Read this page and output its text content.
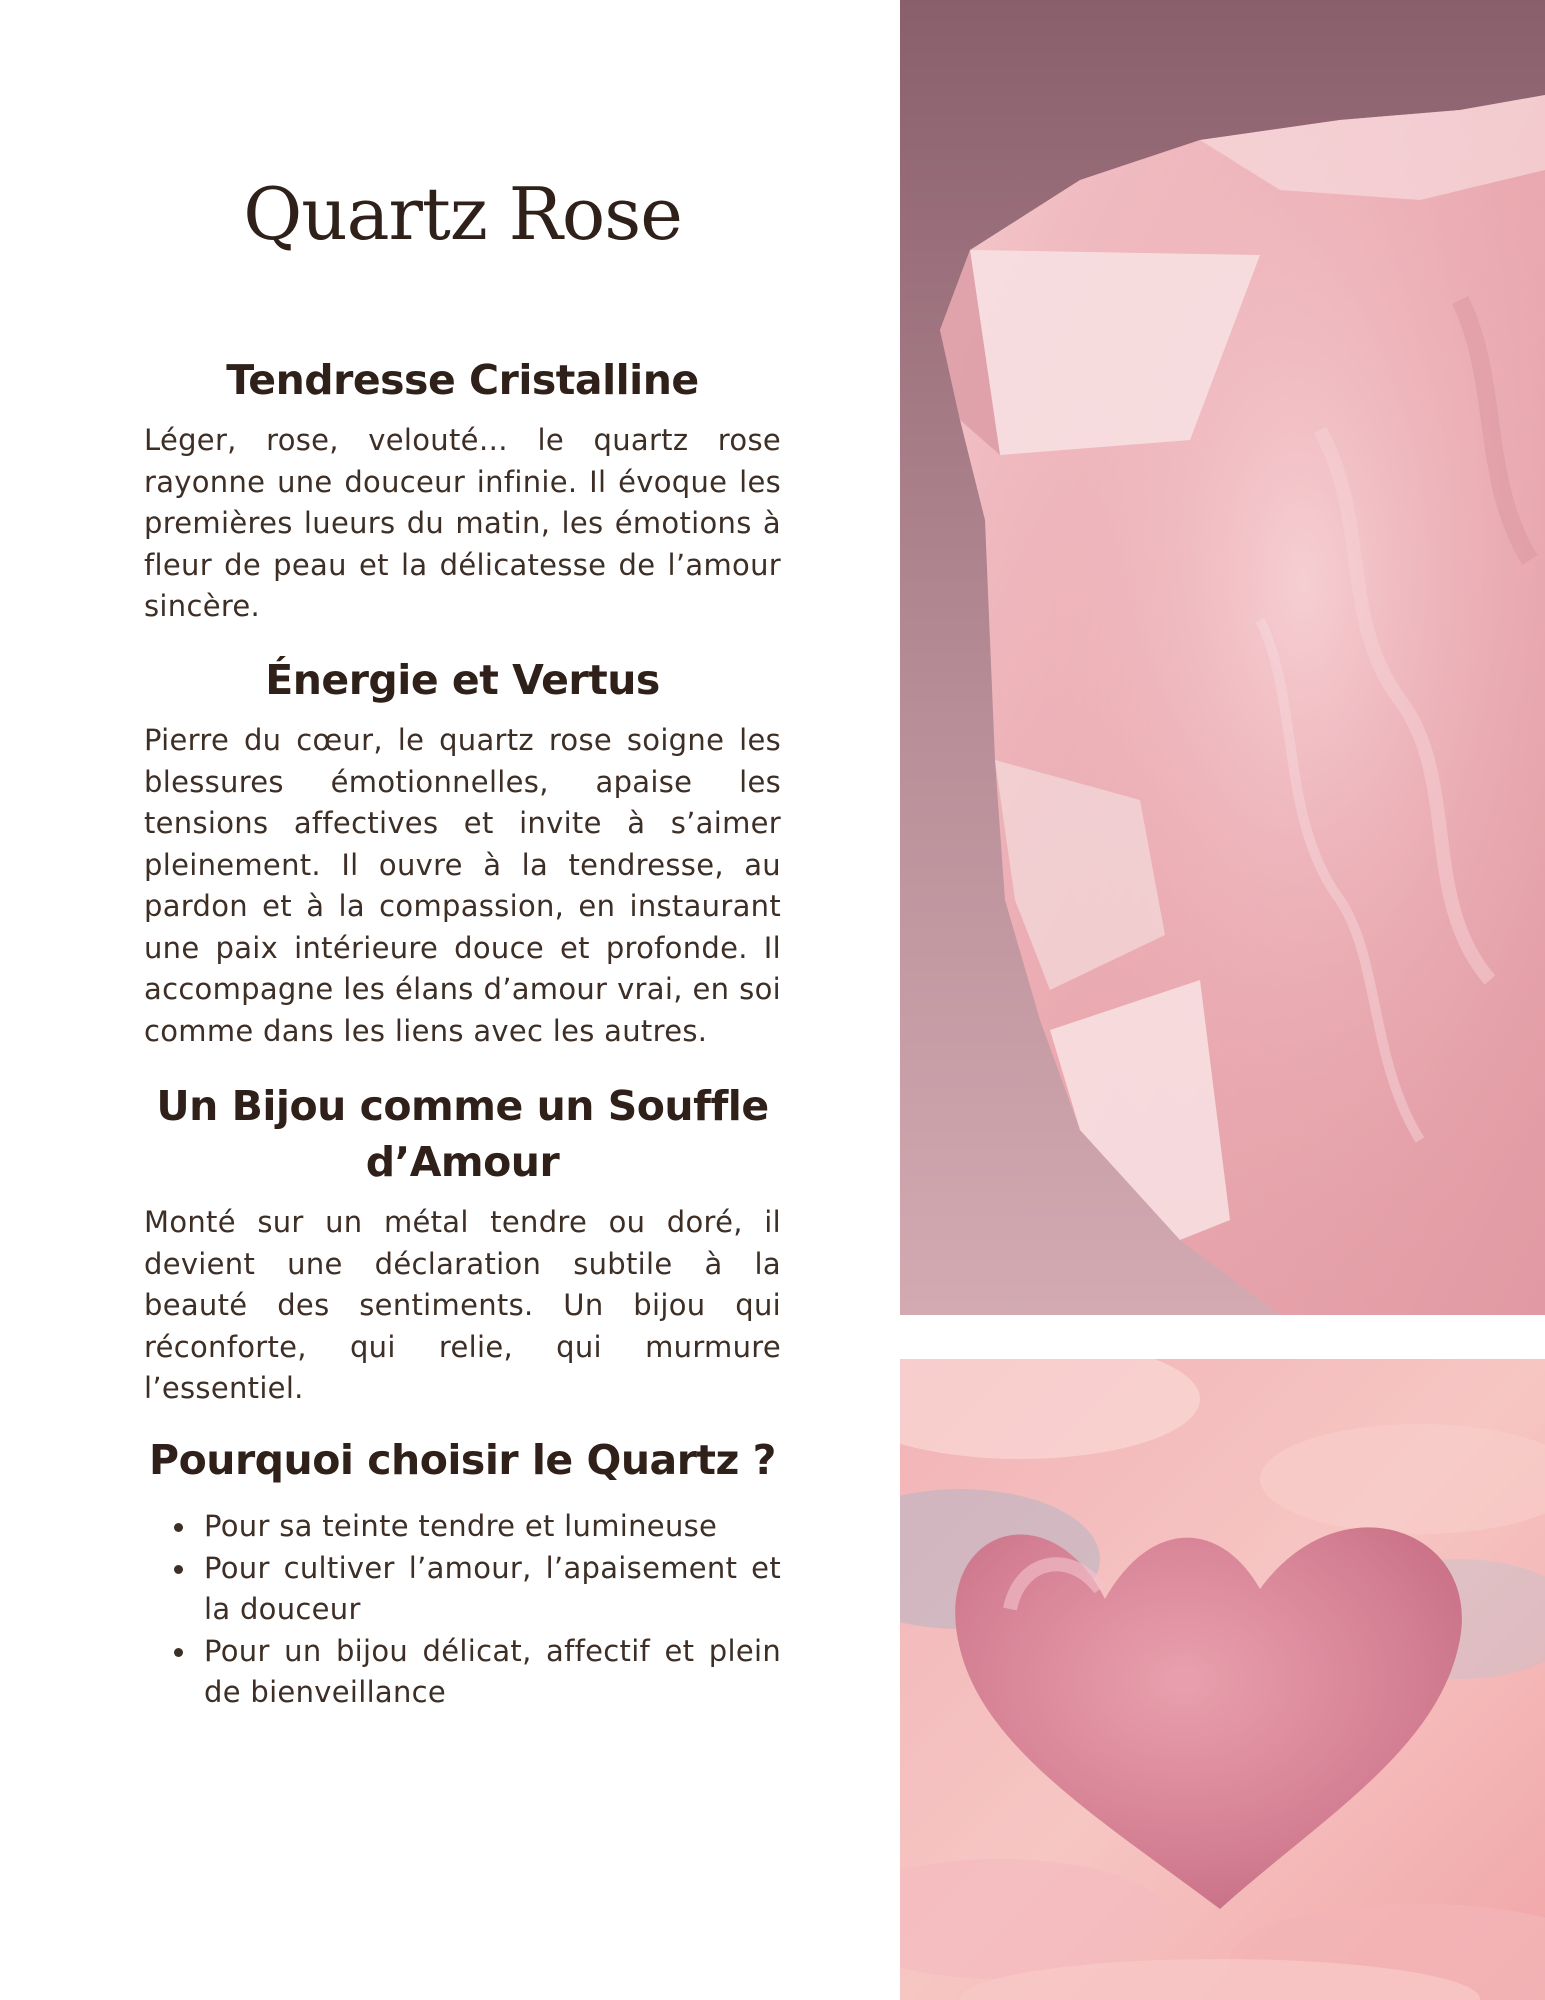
Quartz Rose
Tendresse Cristalline

Léger, rose, velouté… le quartz rose rayonne une douceur infinie. Il évoque les premières lueurs du matin, les émotions à fleur de peau et la délicatesse de l’amour sincère.

Énergie et Vertus

Pierre du cœur, le quartz rose soigne les blessures émotionnelles, apaise les tensions affectives et invite à s’aimer pleinement. Il ouvre à la tendresse, au pardon et à la compassion, en instaurant une paix intérieure douce et profonde. Il accompagne les élans d’amour vrai, en soi comme dans les liens avec les autres.

Un Bijou comme un Souffle d’Amour

Monté sur un métal tendre ou doré, il devient une déclaration subtile à la beauté des sentiments. Un bijou qui réconforte, qui relie, qui murmure l’essentiel.

Pourquoi choisir le Quartz ?
Pour sa teinte tendre et lumineuse
Pour cultiver l’amour, l’apaisement et la douceur
Pour un bijou délicat, affectif et plein de bienveillance
